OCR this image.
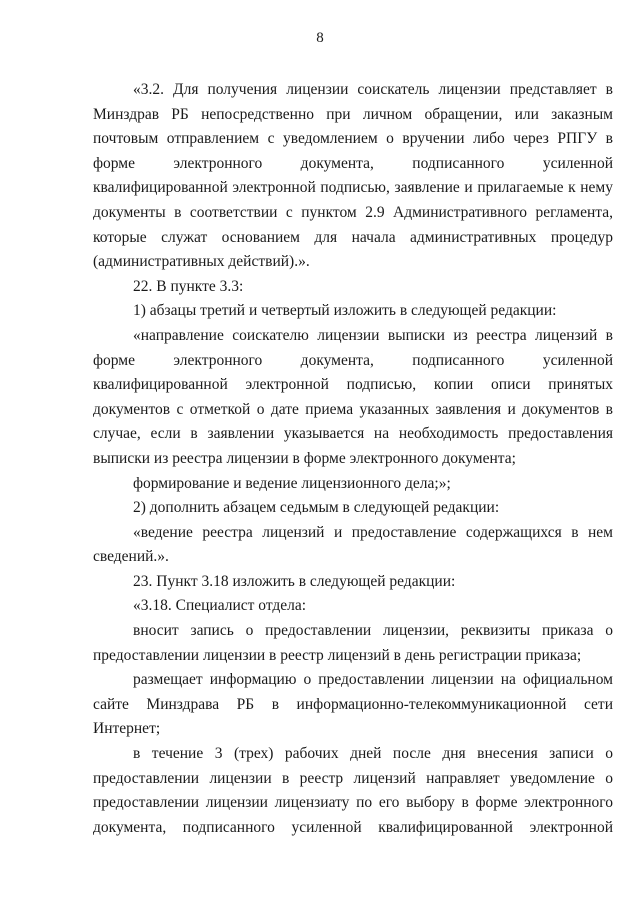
8

«3.2. Для получения лицензии соискатель лицензии представляет в Минздрав РБ непосредственно при личном обращении, или заказным почтовым отправлением с уведомлением о вручении либо через РПГУ в форме электронного документа, подписанного усиленной квалифицированной электронной подписью, заявление и прилагаемые к нему документы в соответствии с пунктом 2.9 Административного регламента, которые служат основанием для начала административных процедур (административных действий).».

22. В пункте 3.3:

1) абзацы третий и четвертый изложить в следующей редакции:

«направление соискателю лицензии выписки из реестра лицензий в форме электронного документа, подписанного усиленной квалифицированной электронной подписью, копии описи принятых документов с отметкой о дате приема указанных заявления и документов в случае, если в заявлении указывается на необходимость предоставления выписки из реестра лицензии в форме электронного документа;

формирование и ведение лицензионного дела;»;

2) дополнить абзацем седьмым в следующей редакции:

«ведение реестра лицензий и предоставление содержащихся в нем сведений.».

23. Пункт 3.18 изложить в следующей редакции:

«3.18. Специалист отдела:

вносит запись о предоставлении лицензии, реквизиты приказа о предоставлении лицензии в реестр лицензий в день регистрации приказа;

размещает информацию о предоставлении лицензии на официальном сайте Минздрава РБ в информационно-телекоммуникационной сети Интернет;

в течение 3 (трех) рабочих дней после дня внесения записи о предоставлении лицензии в реестр лицензий направляет уведомление о предоставлении лицензии лицензиату по его выбору в форме электронного документа, подписанного усиленной квалифицированной электронной
